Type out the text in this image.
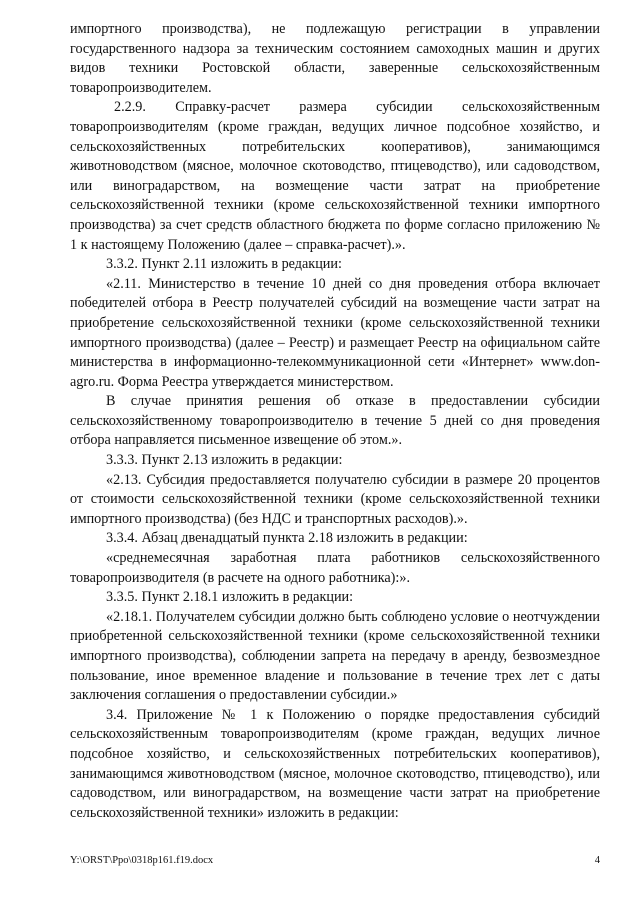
импортного производства), не подлежащую регистрации в управлении государственного надзора за техническим состоянием самоходных машин и других видов техники Ростовской области, заверенные сельскохозяйственным товаропроизводителем.

2.2.9. Справку-расчет размера субсидии сельскохозяйственным товаропроизводителям (кроме граждан, ведущих личное подсобное хозяйство, и сельскохозяйственных потребительских кооперативов), занимающимся животноводством (мясное, молочное скотоводство, птицеводство), или садоводством, или виноградарством, на возмещение части затрат на приобретение сельскохозяйственной техники (кроме сельскохозяйственной техники импортного производства) за счет средств областного бюджета по форме согласно приложению № 1 к настоящему Положению (далее – справка-расчет).».

3.3.2. Пункт 2.11 изложить в редакции:

«2.11. Министерство в течение 10 дней со дня проведения отбора включает победителей отбора в Реестр получателей субсидий на возмещение части затрат на приобретение сельскохозяйственной техники (кроме сельскохозяйственной техники импортного производства) (далее – Реестр) и размещает Реестр на официальном сайте министерства в информационно-телекоммуникационной сети «Интернет» www.don-agro.ru. Форма Реестра утверждается министерством.

В случае принятия решения об отказе в предоставлении субсидии сельскохозяйственному товаропроизводителю в течение 5 дней со дня проведения отбора направляется письменное извещение об этом.».

3.3.3. Пункт 2.13 изложить в редакции:

«2.13. Субсидия предоставляется получателю субсидии в размере 20 процентов от стоимости сельскохозяйственной техники (кроме сельскохозяйственной техники импортного производства) (без НДС и транспортных расходов).».

3.3.4. Абзац двенадцатый пункта 2.18 изложить в редакции:

«среднемесячная заработная плата работников сельскохозяйственного товаропроизводителя (в расчете на одного работника):».

3.3.5. Пункт 2.18.1 изложить в редакции:

«2.18.1. Получателем субсидии должно быть соблюдено условие о неотчуждении приобретенной сельскохозяйственной техники (кроме сельскохозяйственной техники импортного производства), соблюдении запрета на передачу в аренду, безвозмездное пользование, иное временное владение и пользование в течение трех лет с даты заключения соглашения о предоставлении субсидии.»

3.4. Приложение № 1 к Положению о порядке предоставления субсидий сельскохозяйственным товаропроизводителям (кроме граждан, ведущих личное подсобное хозяйство, и сельскохозяйственных потребительских кооперативов), занимающимся животноводством (мясное, молочное скотоводство, птицеводство), или садоводством, или виноградарством, на возмещение части затрат на приобретение сельскохозяйственной техники» изложить в редакции:

Y:\ORST\Ppo\0318p161.f19.docx	4
